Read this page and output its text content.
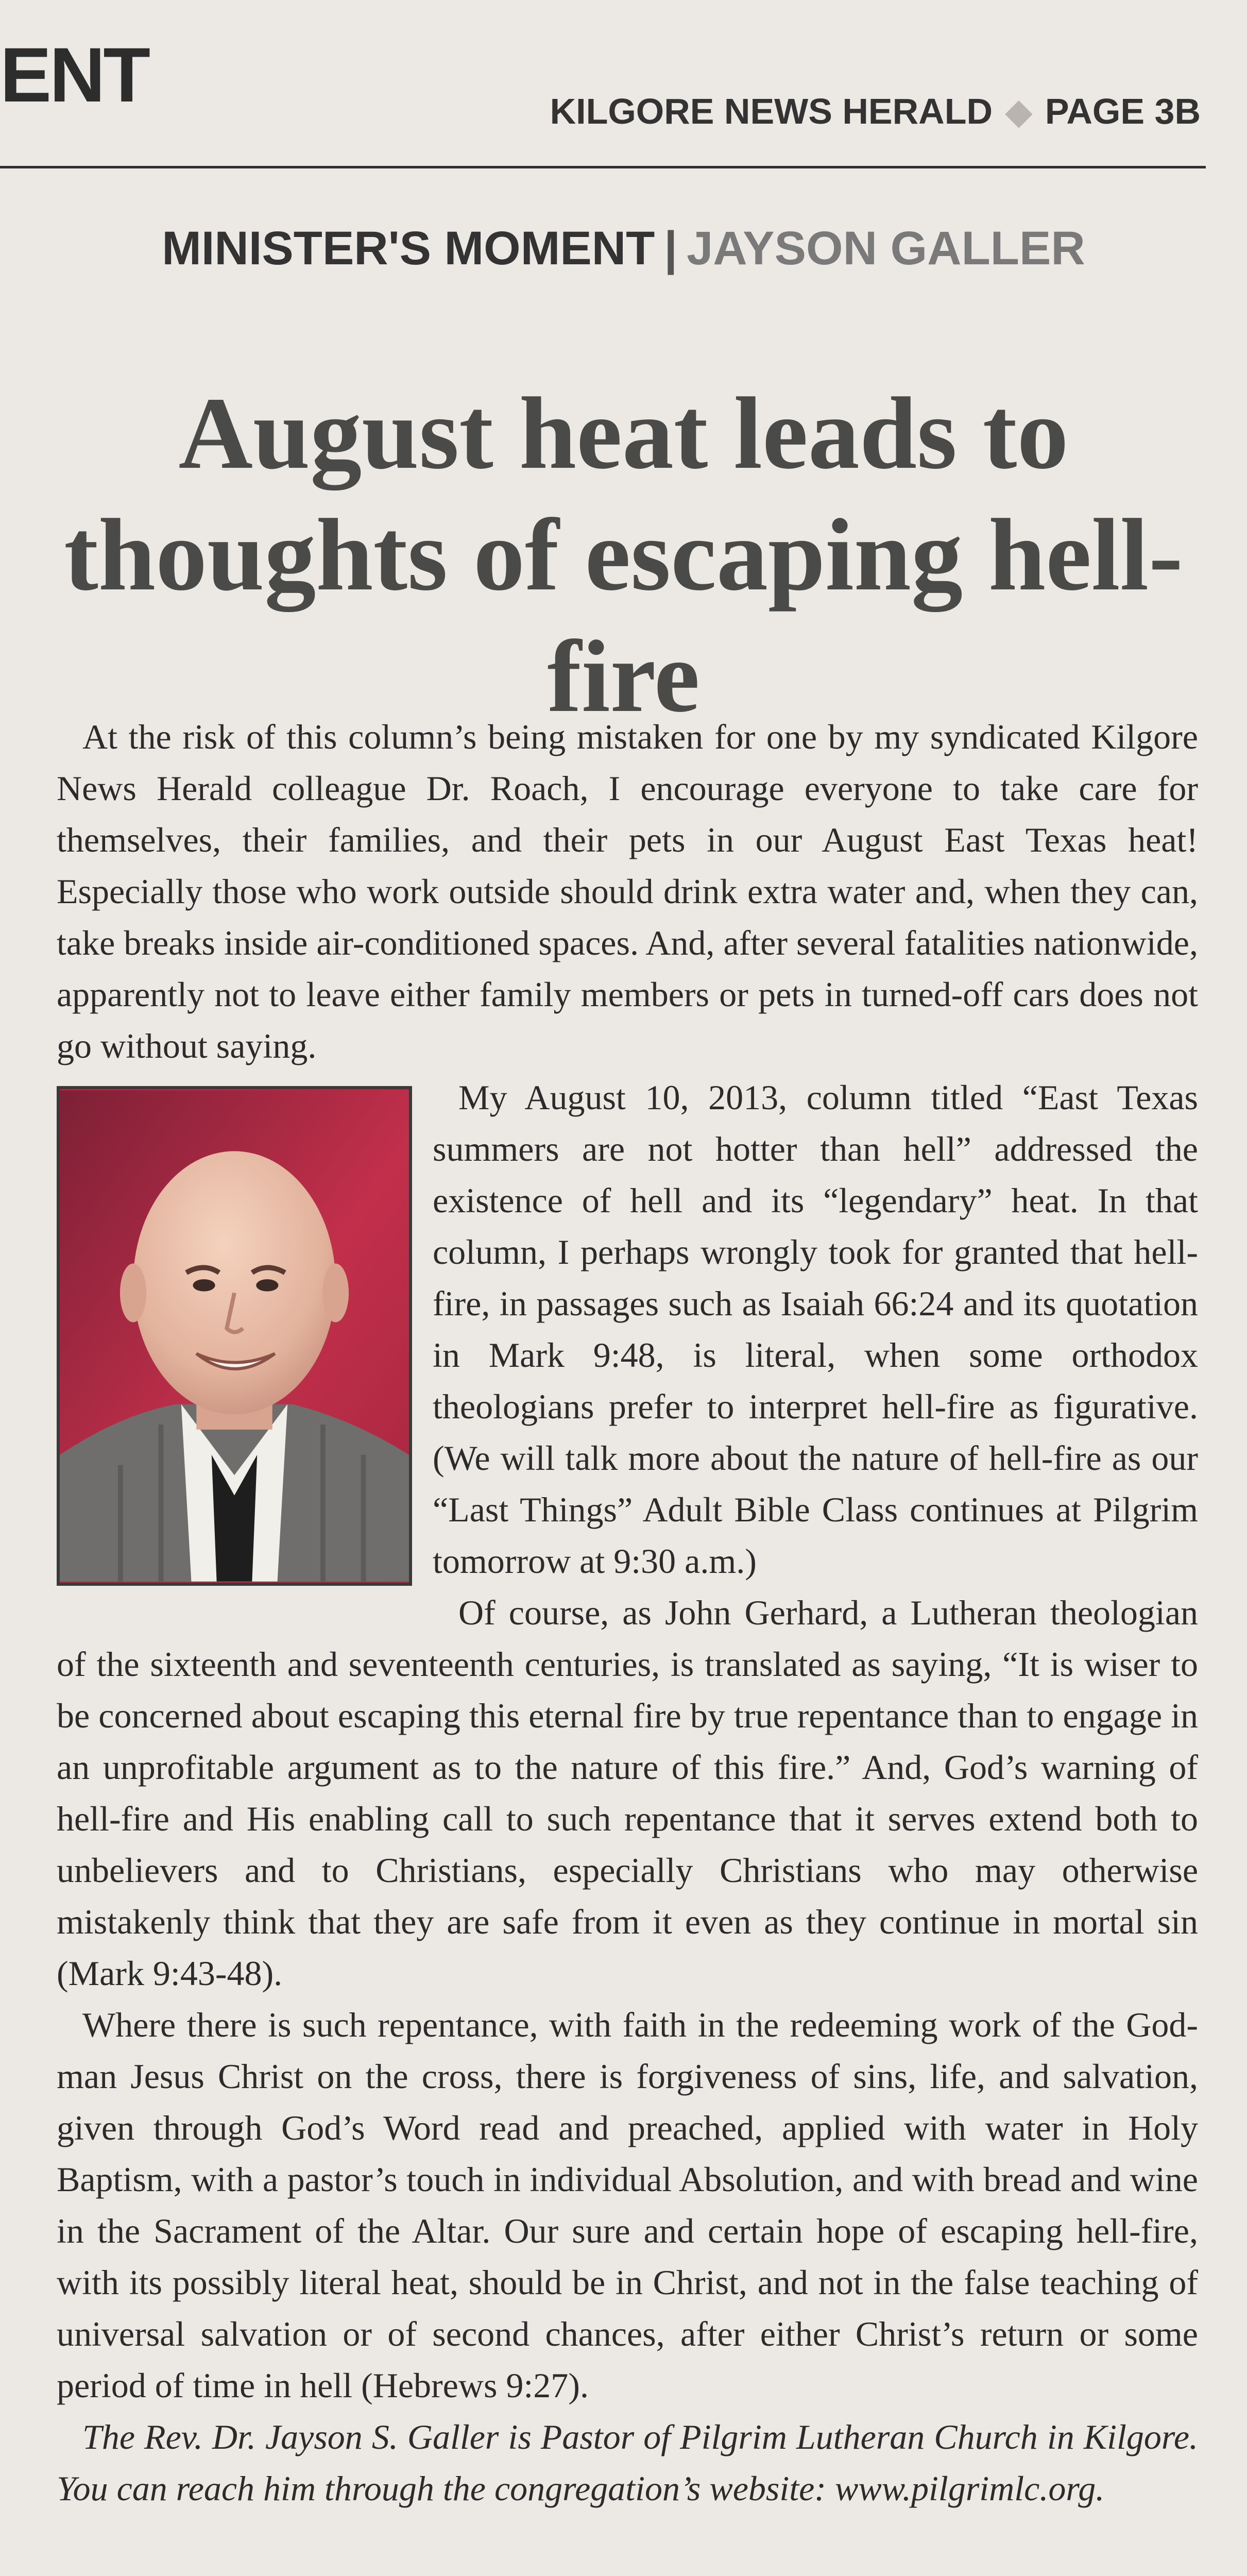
ENT	KILGORE NEWS HERALD ◆ PAGE 3B
MINISTER'S MOMENT | JAYSON GALLER
August heat leads to thoughts of escaping hell-fire

At the risk of this column’s being mistaken for one by my syndicated Kilgore News Herald colleague Dr. Roach, I encourage everyone to take care for themselves, their families, and their pets in our August East Texas heat! Especially those who work outside should drink extra water and, when they can, take breaks inside air-conditioned spaces. And, after several fatalities nationwide, apparently not to leave either family members or pets in turned-off cars does not go without saying.

My August 10, 2013, column titled “East Texas summers are not hotter than hell” addressed the existence of hell and its “legendary” heat. In that column, I perhaps wrongly took for granted that hell-fire, in passages such as Isaiah 66:24 and its quotation in Mark 9:48, is literal, when some orthodox theologians prefer to interpret hell-fire as figurative. (We will talk more about the nature of hell-fire as our “Last Things” Adult Bible Class continues at Pilgrim tomorrow at 9:30 a.m.)

Of course, as John Gerhard, a Lutheran theologian of the sixteenth and seventeenth centuries, is translated as saying, “It is wiser to be concerned about escaping this eternal fire by true repentance than to engage in an unprofitable argument as to the nature of this fire.” And, God’s warning of hell-fire and His enabling call to such repentance that it serves extend both to unbelievers and to Christians, especially Christians who may otherwise mistakenly think that they are safe from it even as they continue in mortal sin (Mark 9:43-48).

Where there is such repentance, with faith in the redeeming work of the God-man Jesus Christ on the cross, there is forgiveness of sins, life, and salvation, given through God’s Word read and preached, applied with water in Holy Baptism, with a pastor’s touch in individual Absolution, and with bread and wine in the Sacrament of the Altar. Our sure and certain hope of escaping hell-fire, with its possibly literal heat, should be in Christ, and not in the false teaching of universal salvation or of second chances, after either Christ’s return or some period of time in hell (Hebrews 9:27).

The Rev. Dr. Jayson S. Galler is Pastor of Pilgrim Lutheran Church in Kilgore. You can reach him through the congregation’s website: www.pilgrimlc.org.
